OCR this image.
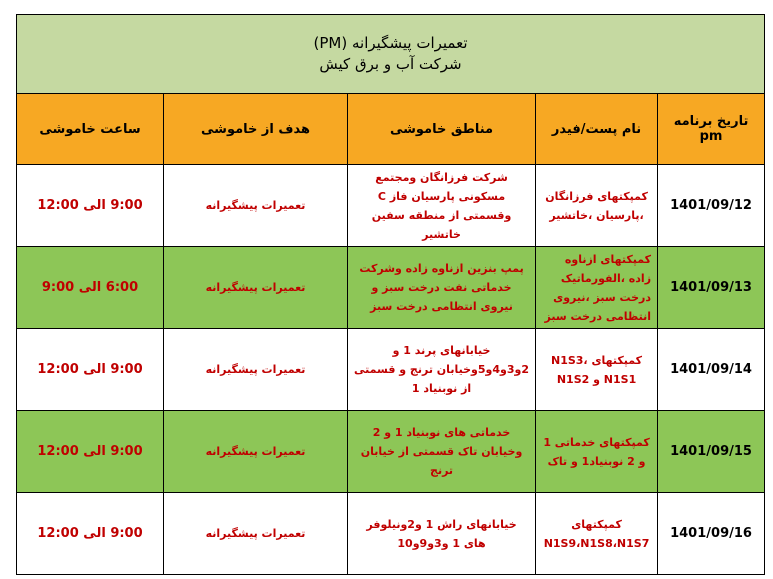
تعمیرات پیشگیرانه (PM)
شرکت آب و برق کیش				

تاریخ برنامه pm	نام پست/فیدر	مناطق خاموشی	هدف از خاموشی	ساعت خاموشی
1401/09/12	کمپکتهای فرزانگان ،پارسیان ،خاتشیر	شرکت فرزانگان ومجتمع مسکونی پارسیان فاز C وقسمتی از منطقه سفین خاتشیر	تعمیرات پیشگیرانه	9:00 الی 12:00
1401/09/13	کمپکتهای ازناوه زاده ،الفورماتیک درخت سبز ،نیروی انتظامی درخت سبز	پمپ بنزین ازناوه زاده وشرکت خدماتی نفت درخت سبز و نیروی انتظامی درخت سبز	تعمیرات پیشگیرانه	6:00 الی 9:00
1401/09/14	کمپکتهای N1S3، N1S1 و N1S2	خیابانهای پرند 1 و 2و3و4و5وخیابان ترنج و قسمتی از نوبنیاد 1	تعمیرات پیشگیرانه	9:00 الی 12:00
1401/09/15	کمپکتهای خدماتی 1 و 2 نوبنیاد1 و تاک	خدماتی های نوبنیاد 1 و 2 وخیابان تاک قسمتی از خیابان ترنج	تعمیرات پیشگیرانه	9:00 الی 12:00
1401/09/16	کمپکتهای N1S9،N1S8،N1S7	خیابانهای راش 1 و2ونیلوفر های 1 و3و9و10	تعمیرات پیشگیرانه	9:00 الی 12:00
